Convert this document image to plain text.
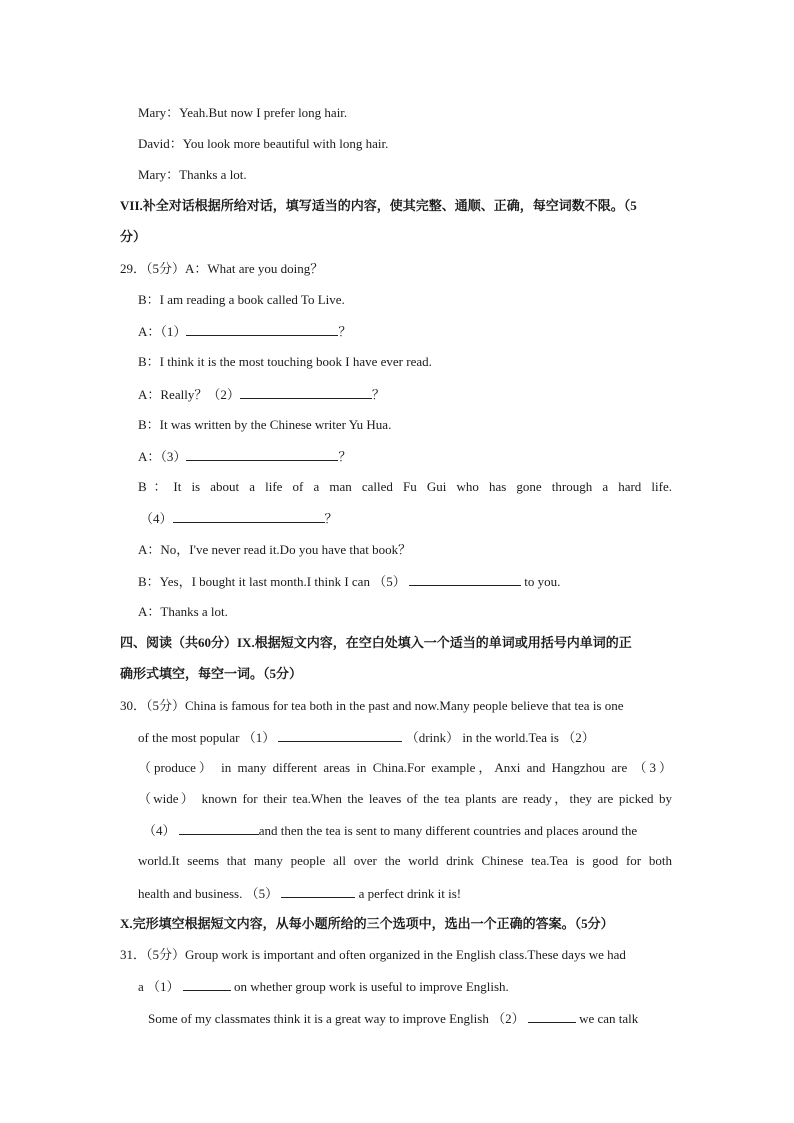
Mary：Yeah.But now I prefer long hair.
David：You look more beautiful with long hair.
Mary：Thanks a lot.
VII.补全对话根据所给对话，填写适当的内容，使其完整、通顺、正确，每空词数不限。（5
分）
29．（5分）A：What are you doing？
B：I am reading a book called To Live.
A：（1）	？
B：I think it is the most touching book I have ever read.
A：Really？（2）	？
B：It was written by the Chinese writer Yu Hua.
A：（3）	？
B：It is about a life of a man called Fu Gui who has gone through a hard life.
（4）	？
A：No，I've never read it.Do you have that book？
B：Yes，I bought it last month.I think I can （5）	to you.
A：Thanks a lot.
四、阅读（共60分）IX.根据短文内容，在空白处填入一个适当的单词或用括号内单词的正
确形式填空，每空一词。（5分）
30．（5分）China is famous for tea both in the past and now.Many people believe that tea is one
of the most popular （1）	（drink） in the world.Tea is （2）
（produce） in many different areas in China.For example，Anxi and Hangzhou are （3）
（wide） known for their tea.When the leaves of the tea plants are ready，they are picked by
（4）	and then the tea is sent to many different countries and places around the
world.It seems that many people all over the world drink Chinese tea.Tea is good for both
health and business. （5）	a perfect drink it is!
X.完形填空根据短文内容，从每小题所给的三个选项中，选出一个正确的答案。（5分）
31．（5分）Group work is important and often organized in the English class.These days we had
a （1）	on whether group work is useful to improve English.
Some of my classmates think it is a great way to improve English （2）	we can talk
